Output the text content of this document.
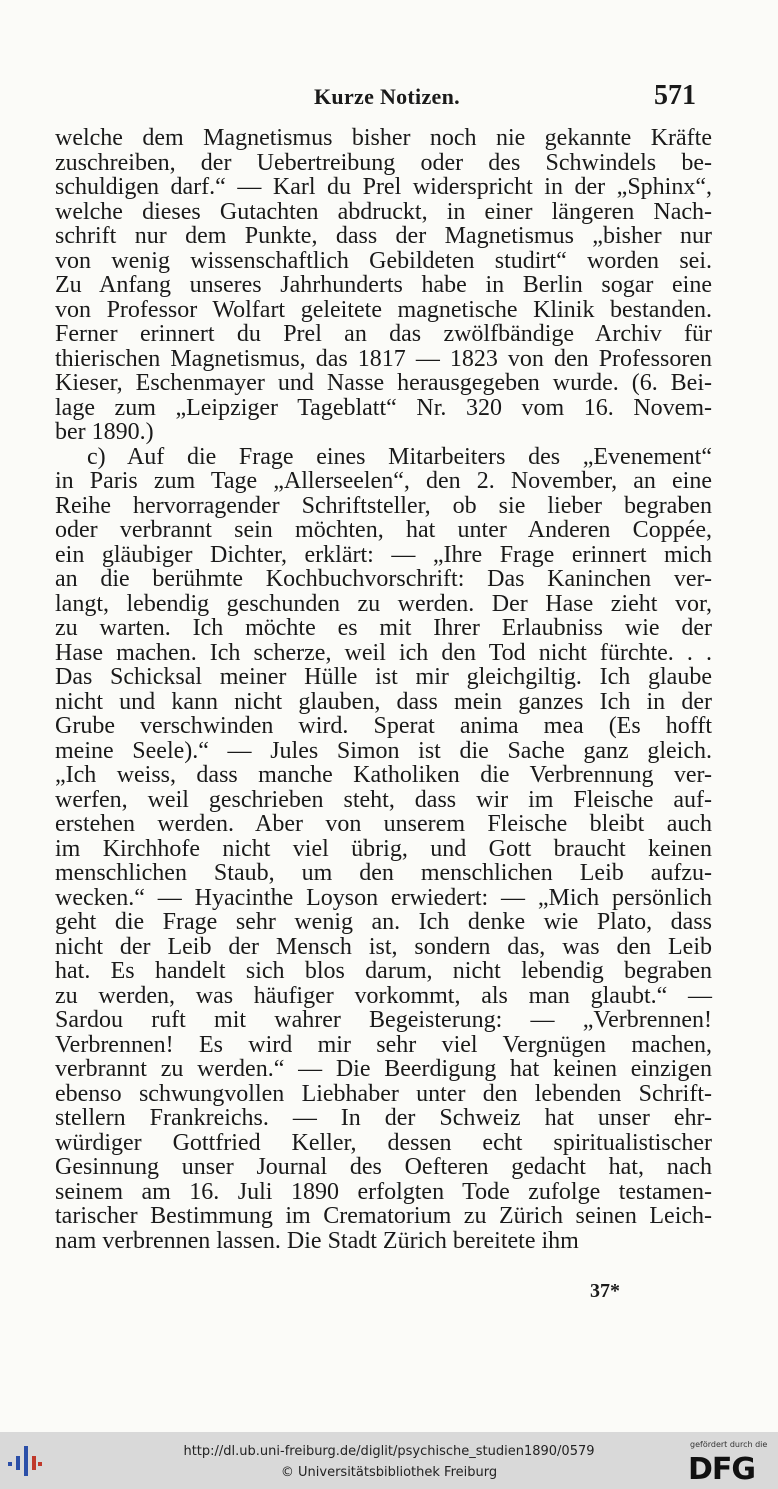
Kurze Notizen.	571
welche dem Magnetismus bisher noch nie gekannte Kräfte
zuschreiben, der Uebertreibung oder des Schwindels be-
schuldigen darf.“ — Karl du Prel widerspricht in der „Sphinx“,
welche dieses Gutachten abdruckt, in einer längeren Nach-
schrift nur dem Punkte, dass der Magnetismus „bisher nur
von wenig wissenschaftlich Gebildeten studirt“ worden sei.
Zu Anfang unseres Jahrhunderts habe in Berlin sogar eine
von Professor Wolfart geleitete magnetische Klinik bestanden.
Ferner erinnert du Prel an das zwölfbändige Archiv für
thierischen Magnetismus, das 1817 — 1823 von den Professoren
Kieser, Eschenmayer und Nasse herausgegeben wurde. (6. Bei-
lage zum „Leipziger Tageblatt“ Nr. 320 vom 16. Novem-
ber 1890.)
c) Auf die Frage eines Mitarbeiters des „Evenement“
in Paris zum Tage „Allerseelen“, den 2. November, an eine
Reihe hervorragender Schriftsteller, ob sie lieber begraben
oder verbrannt sein möchten, hat unter Anderen Coppée,
ein gläubiger Dichter, erklärt: — „Ihre Frage erinnert mich
an die berühmte Kochbuchvorschrift: Das Kaninchen ver-
langt, lebendig geschunden zu werden. Der Hase zieht vor,
zu warten. Ich möchte es mit Ihrer Erlaubniss wie der
Hase machen. Ich scherze, weil ich den Tod nicht fürchte. . .
Das Schicksal meiner Hülle ist mir gleichgiltig. Ich glaube
nicht und kann nicht glauben, dass mein ganzes Ich in der
Grube verschwinden wird. Sperat anima mea (Es hofft
meine Seele).“ — Jules Simon ist die Sache ganz gleich.
„Ich weiss, dass manche Katholiken die Verbrennung ver-
werfen, weil geschrieben steht, dass wir im Fleische auf-
erstehen werden. Aber von unserem Fleische bleibt auch
im Kirchhofe nicht viel übrig, und Gott braucht keinen
menschlichen Staub, um den menschlichen Leib aufzu-
wecken.“ — Hyacinthe Loyson erwiedert: — „Mich persönlich
geht die Frage sehr wenig an. Ich denke wie Plato, dass
nicht der Leib der Mensch ist, sondern das, was den Leib
hat. Es handelt sich blos darum, nicht lebendig begraben
zu werden, was häufiger vorkommt, als man glaubt.“ —
Sardou ruft mit wahrer Begeisterung: — „Verbrennen!
Verbrennen! Es wird mir sehr viel Vergnügen machen,
verbrannt zu werden.“ — Die Beerdigung hat keinen einzigen
ebenso schwungvollen Liebhaber unter den lebenden Schrift-
stellern Frankreichs. — In der Schweiz hat unser ehr-
würdiger Gottfried Keller, dessen echt spiritualistischer
Gesinnung unser Journal des Oefteren gedacht hat, nach
seinem am 16. Juli 1890 erfolgten Tode zufolge testamen-
tarischer Bestimmung im Crematorium zu Zürich seinen Leich-
nam verbrennen lassen. Die Stadt Zürich bereitete ihm
37*
http://dl.ub.uni-freiburg.de/diglit/psychische_studien1890/0579
© Universitätsbibliothek Freiburg
gefördert durch die
DFG
